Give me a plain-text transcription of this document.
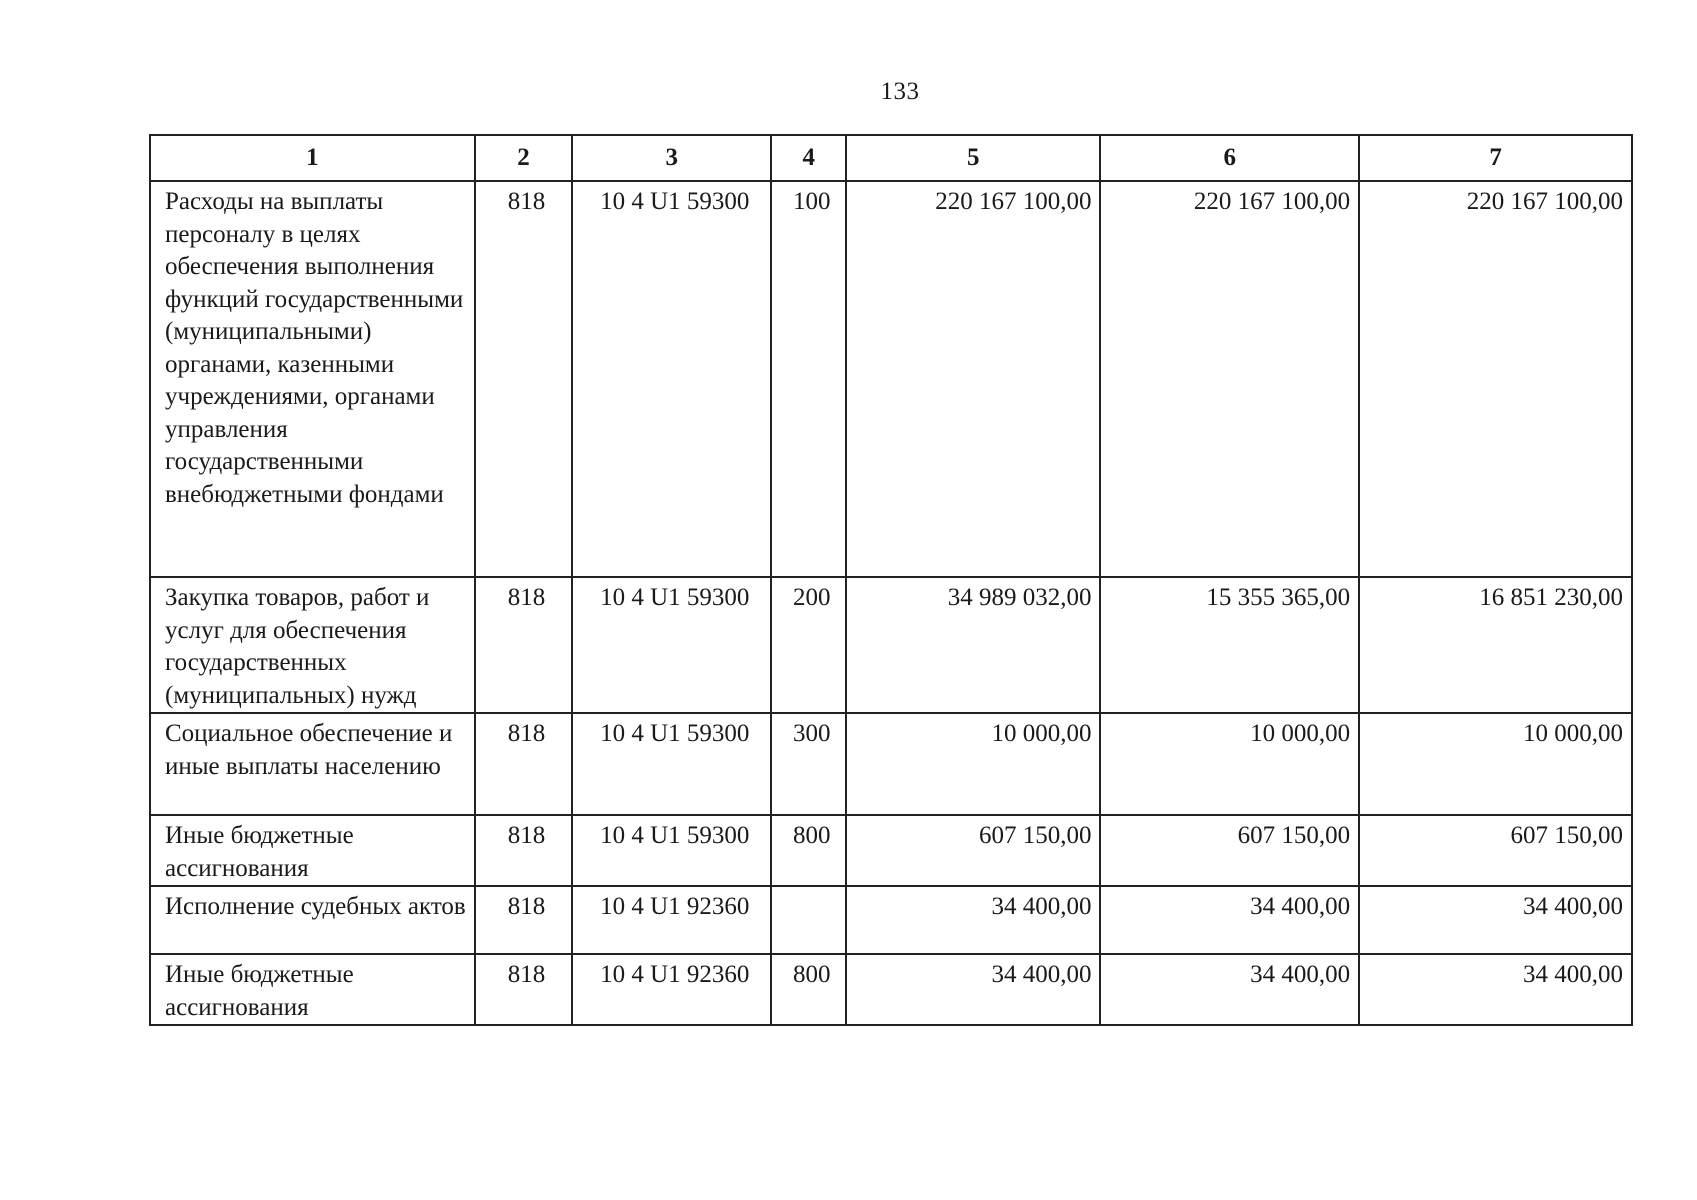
133
1	2	3	4	5	6	7
Расходы на выплаты персоналу в целях обеспечения выполнения функций государственными (муниципальными) органами, казенными учреждениями, органами управления государственными внебюджетными фондами	818	10 4 U1 59300	100	220 167 100,00	220 167 100,00	220 167 100,00
Закупка товаров, работ и услуг для обеспечения государственных (муниципальных) нужд	818	10 4 U1 59300	200	34 989 032,00	15 355 365,00	16 851 230,00
Социальное обеспечение и иные выплаты населению	818	10 4 U1 59300	300	10 000,00	10 000,00	10 000,00
Иные бюджетные ассигнования	818	10 4 U1 59300	800	607 150,00	607 150,00	607 150,00
Исполнение судебных актов	818	10 4 U1 92360		34 400,00	34 400,00	34 400,00
Иные бюджетные ассигнования	818	10 4 U1 92360	800	34 400,00	34 400,00	34 400,00
